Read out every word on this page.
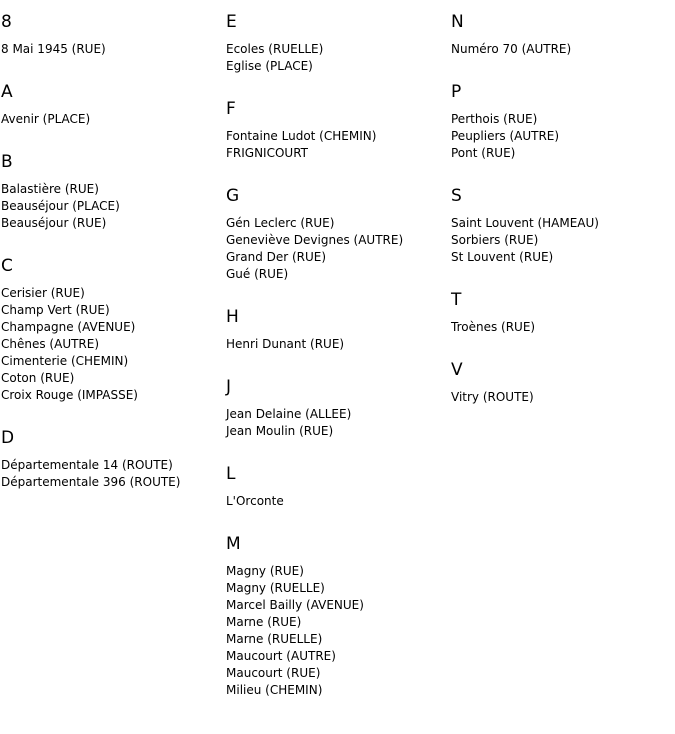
8
8 Mai 1945 (RUE)
A
Avenir (PLACE)
B
Balastière (RUE)
Beauséjour (PLACE)
Beauséjour (RUE)
C
Cerisier (RUE)
Champ Vert (RUE)
Champagne (AVENUE)
Chênes (AUTRE)
Cimenterie (CHEMIN)
Coton (RUE)
Croix Rouge (IMPASSE)
D
Départementale 14 (ROUTE)
Départementale 396 (ROUTE)
E
Ecoles (RUELLE)
Eglise (PLACE)
F
Fontaine Ludot (CHEMIN)
FRIGNICOURT
G
Gén Leclerc (RUE)
Geneviève Devignes (AUTRE)
Grand Der (RUE)
Gué (RUE)
H
Henri Dunant (RUE)
J
Jean Delaine (ALLEE)
Jean Moulin (RUE)
L
L'Orconte
M
Magny (RUE)
Magny (RUELLE)
Marcel Bailly (AVENUE)
Marne (RUE)
Marne (RUELLE)
Maucourt (AUTRE)
Maucourt (RUE)
Milieu (CHEMIN)
N
Numéro 70 (AUTRE)
P
Perthois (RUE)
Peupliers (AUTRE)
Pont (RUE)
S
Saint Louvent (HAMEAU)
Sorbiers (RUE)
St Louvent (RUE)
T
Troènes (RUE)
V
Vitry (ROUTE)
